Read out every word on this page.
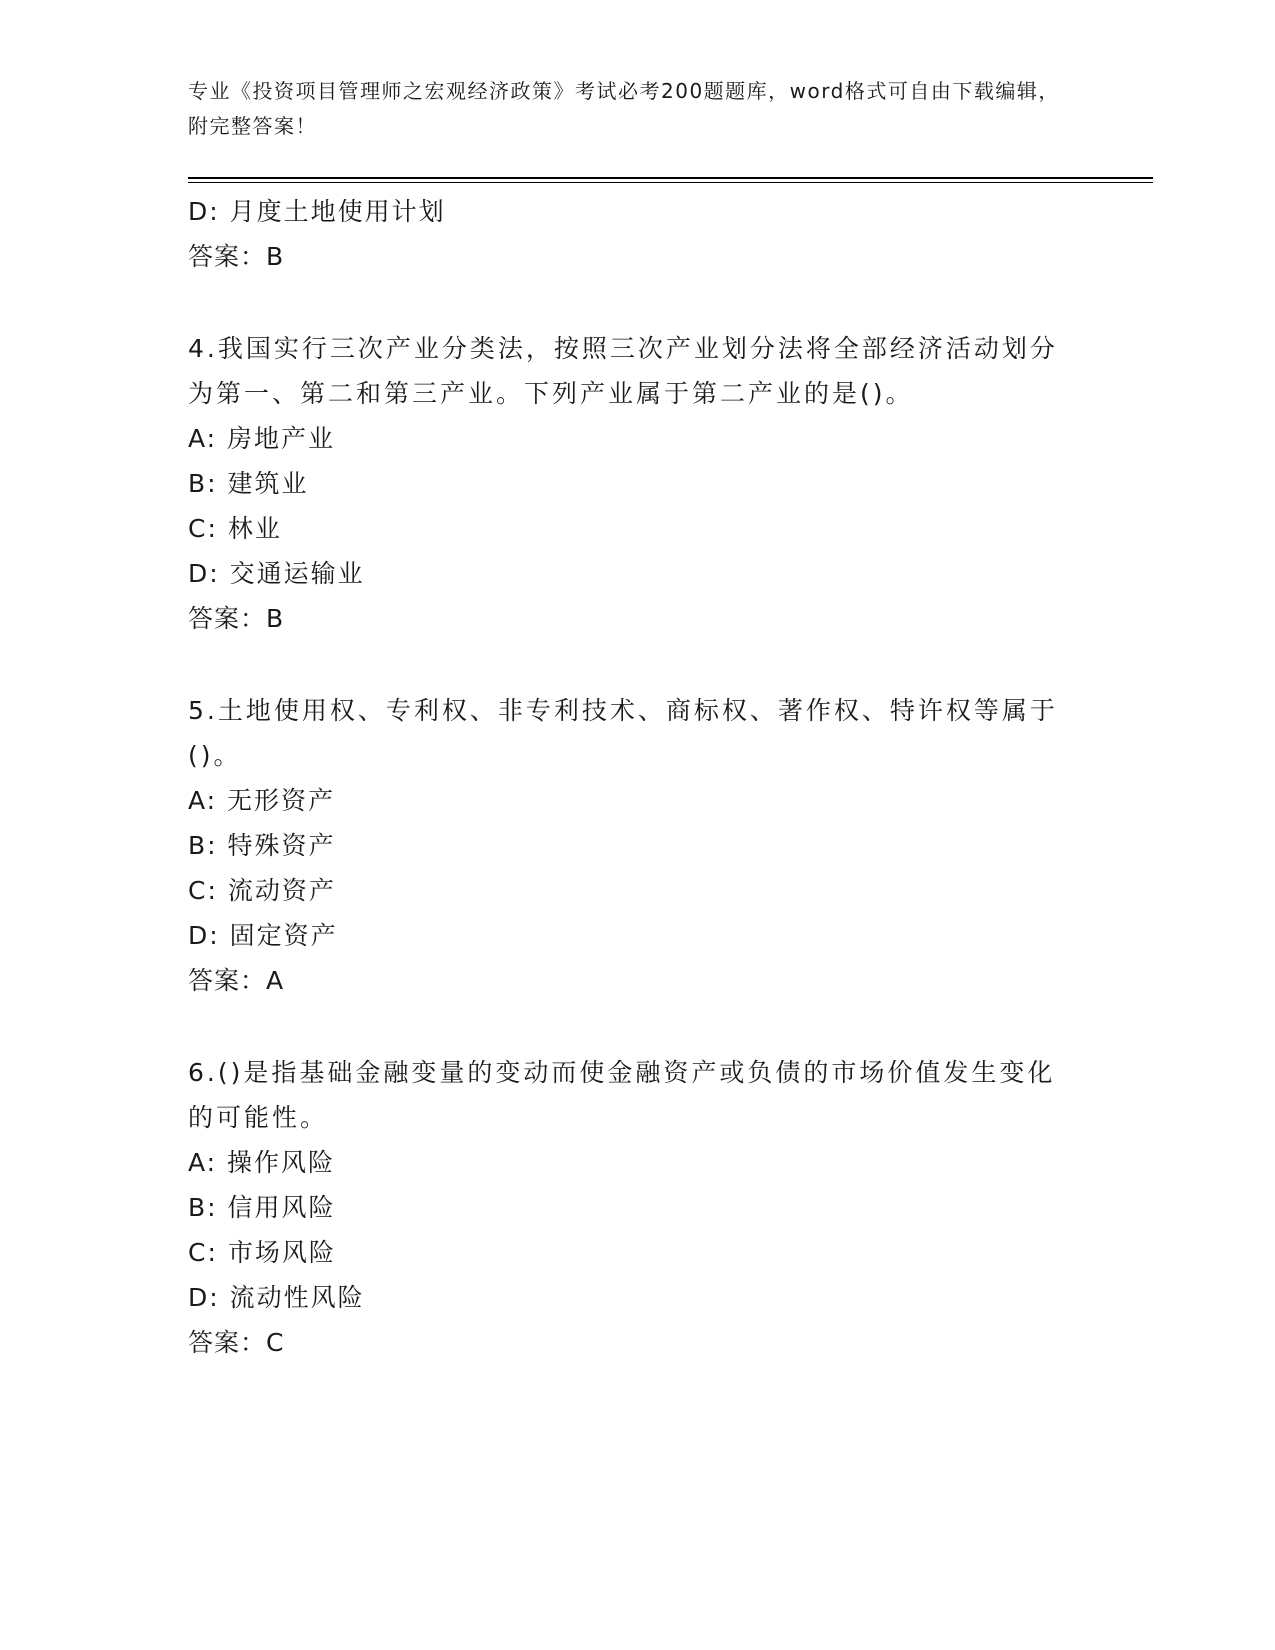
专业《投资项目管理师之宏观经济政策》考试必考200题题库，word格式可自由下载编辑，附完整答案！
D: 月度土地使用计划
答案：B
4.我国实行三次产业分类法，按照三次产业划分法将全部经济活动划分为第一、第二和第三产业。下列产业属于第二产业的是()。
A: 房地产业
B: 建筑业
C: 林业
D: 交通运输业
答案：B
5.土地使用权、专利权、非专利技术、商标权、著作权、特许权等属于()。
A: 无形资产
B: 特殊资产
C: 流动资产
D: 固定资产
答案：A
6.()是指基础金融变量的变动而使金融资产或负债的市场价值发生变化的可能性。
A: 操作风险
B: 信用风险
C: 市场风险
D: 流动性风险
答案：C
